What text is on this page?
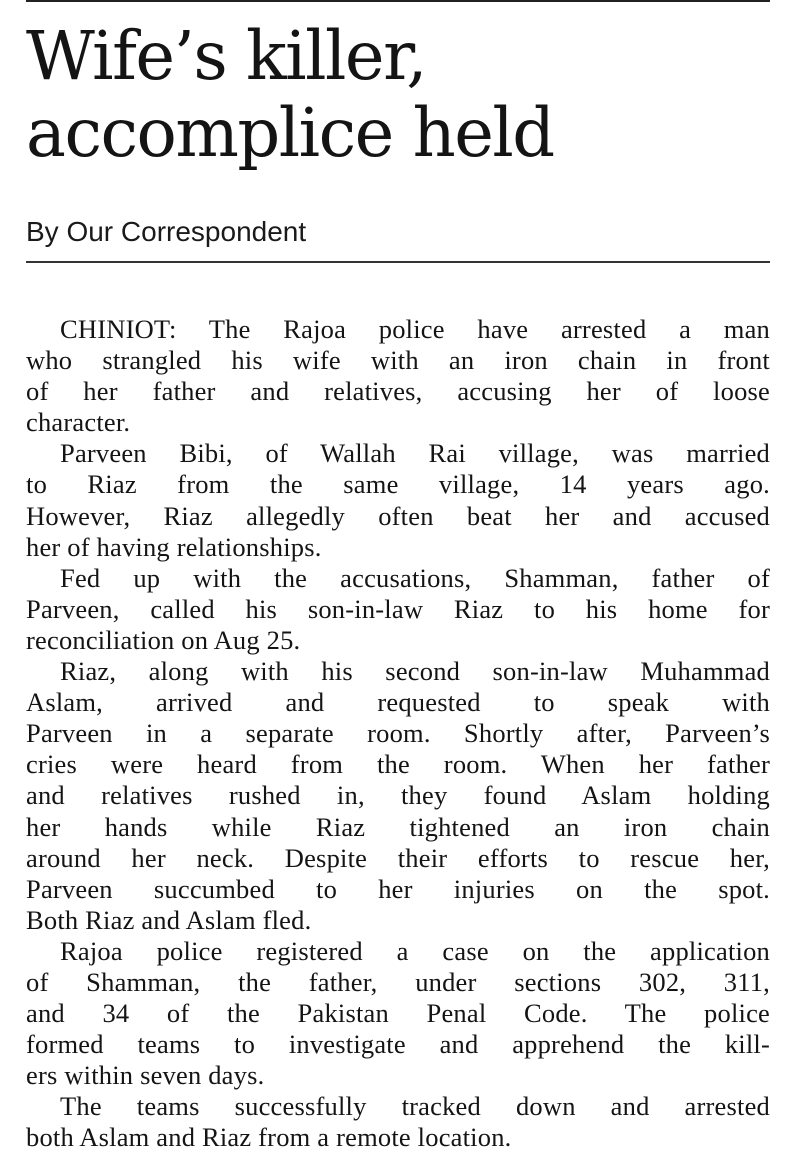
Wife’s killer,
accomplice held
By Our Correspondent
CHINIOT: The Rajoa police have arrested a man
who strangled his wife with an iron chain in front
of her father and relatives, accusing her of loose
character.
Parveen Bibi, of Wallah Rai village, was married
to Riaz from the same village, 14 years ago.
However, Riaz allegedly often beat her and accused
her of having relationships.
Fed up with the accusations, Shamman, father of
Parveen, called his son-in-law Riaz to his home for
reconciliation on Aug 25.
Riaz, along with his second son-in-law Muhammad
Aslam, arrived and requested to speak with
Parveen in a separate room. Shortly after, Parveen’s
cries were heard from the room. When her father
and relatives rushed in, they found Aslam holding
her hands while Riaz tightened an iron chain
around her neck. Despite their efforts to rescue her,
Parveen succumbed to her injuries on the spot.
Both Riaz and Aslam fled.
Rajoa police registered a case on the application
of Shamman, the father, under sections 302, 311,
and 34 of the Pakistan Penal Code. The police
formed teams to investigate and apprehend the kill-
ers within seven days.
The teams successfully tracked down and arrested
both Aslam and Riaz from a remote location.
